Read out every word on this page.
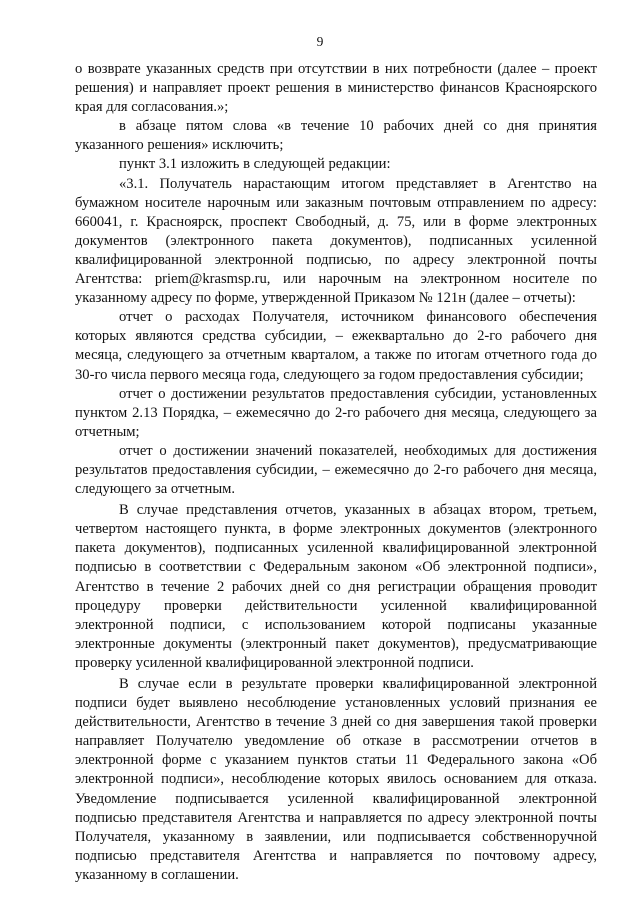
9

о возврате указанных средств при отсутствии в них потребности (далее – проект решения) и направляет проект решения в министерство финансов Красноярского края для согласования.»;

в абзаце пятом слова «в течение 10 рабочих дней со дня принятия указанного решения» исключить;

пункт 3.1 изложить в следующей редакции:

«3.1. Получатель нарастающим итогом представляет в Агентство на бумажном носителе нарочным или заказным почтовым отправлением по адресу: 660041, г. Красноярск, проспект Свободный, д. 75, или в форме электронных документов (электронного пакета документов), подписанных усиленной квалифицированной электронной подписью, по адресу электронной почты Агентства: priem@krasmsp.ru, или нарочным на электронном носителе по указанному адресу по форме, утвержденной Приказом № 121н (далее – отчеты):

отчет о расходах Получателя, источником финансового обеспечения которых являются средства субсидии, – ежеквартально до 2-го рабочего дня месяца, следующего за отчетным кварталом, а также по итогам отчетного года до 30-го числа первого месяца года, следующего за годом предоставления субсидии;

отчет о достижении результатов предоставления субсидии, установленных пунктом 2.13 Порядка, – ежемесячно до 2-го рабочего дня месяца, следующего за отчетным;

отчет о достижении значений показателей, необходимых для достижения результатов предоставления субсидии, – ежемесячно до 2-го рабочего дня месяца, следующего за отчетным.

В случае представления отчетов, указанных в абзацах втором, третьем, четвертом настоящего пункта, в форме электронных документов (электронного пакета документов), подписанных усиленной квалифицированной электронной подписью в соответствии с Федеральным законом «Об электронной подписи», Агентство в течение 2 рабочих дней со дня регистрации обращения проводит процедуру проверки действительности усиленной квалифицированной электронной подписи, с использованием которой подписаны указанные электронные документы (электронный пакет документов), предусматривающие проверку усиленной квалифицированной электронной подписи.

В случае если в результате проверки квалифицированной электронной подписи будет выявлено несоблюдение установленных условий признания ее действительности, Агентство в течение 3 дней со дня завершения такой проверки направляет Получателю уведомление об отказе в рассмотрении отчетов в электронной форме с указанием пунктов статьи 11 Федерального закона «Об электронной подписи», несоблюдение которых явилось основанием для отказа. Уведомление подписывается усиленной квалифицированной электронной подписью представителя Агентства и направляется по адресу электронной почты Получателя, указанному в заявлении, или подписывается собственноручной подписью представителя Агентства и направляется по почтовому адресу, указанному в соглашении.
